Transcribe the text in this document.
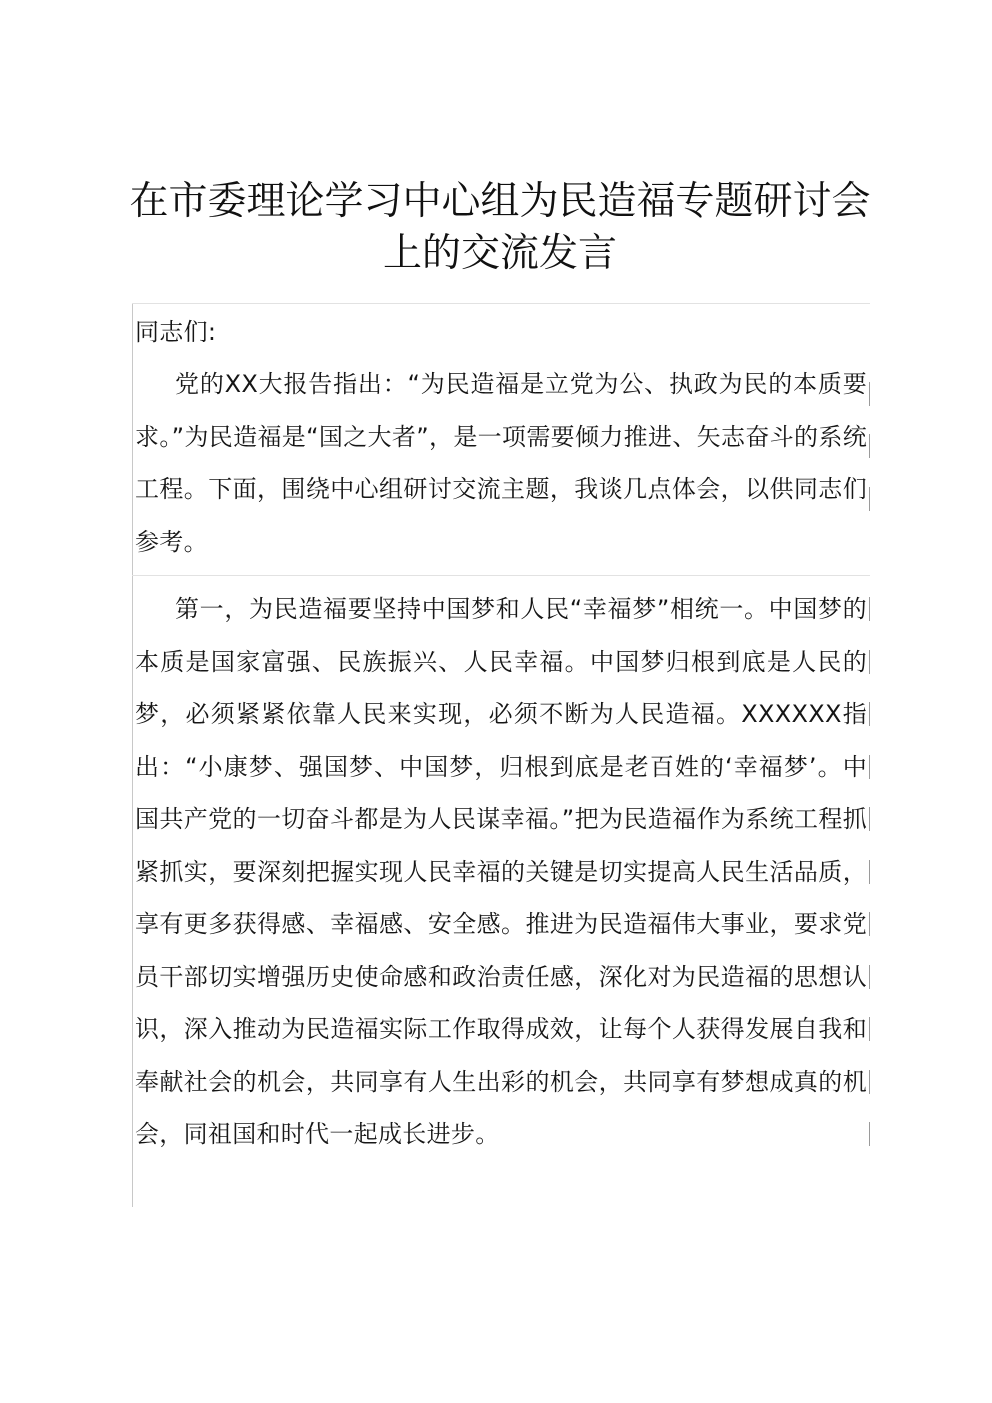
在市委理论学习中心组为民造福专题研讨会上的交流发言

同志们:

党的XX大报告指出：“为民造福是立党为公、执政为民的本质要求。”为民造福是“国之大者”，是一项需要倾力推进、矢志奋斗的系统工程。下面，围绕中心组研讨交流主题，我谈几点体会，以供同志们参考。

第一，为民造福要坚持中国梦和人民“幸福梦”相统一。中国梦的本质是国家富强、民族振兴、人民幸福。中国梦归根到底是人民的梦，必须紧紧依靠人民来实现，必须不断为人民造福。XXXXXX指出：“小康梦、强国梦、中国梦，归根到底是老百姓的‘幸福梦’。中国共产党的一切奋斗都是为人民谋幸福。”把为民造福作为系统工程抓紧抓实，要深刻把握实现人民幸福的关键是切实提高人民生活品质，享有更多获得感、幸福感、安全感。推进为民造福伟大事业，要求党员干部切实增强历史使命感和政治责任感，深化对为民造福的思想认识，深入推动为民造福实际工作取得成效，让每个人获得发展自我和奉献社会的机会，共同享有人生出彩的机会，共同享有梦想成真的机会，同祖国和时代一起成长进步。
